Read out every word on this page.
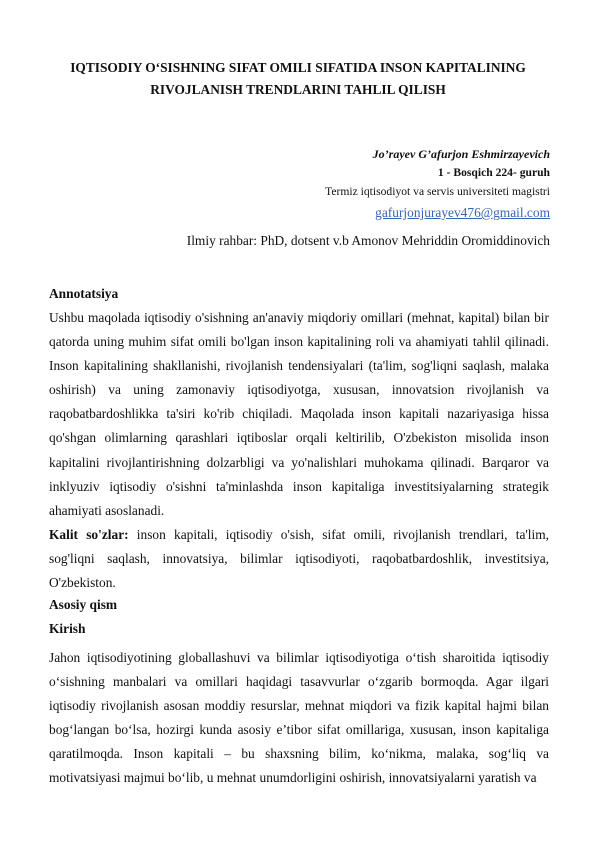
IQTISODIY O‘SISHNING SIFAT OMILI SIFATIDA INSON KAPITALINING
RIVOJLANISH TRENDLARINI TAHLIL QILISH
Jo’rayev G’afurjon Eshmirzayevich
1 - Bosqich 224- guruh
Termiz iqtisodiyot va servis universiteti magistri
gafurjonjurayev476@gmail.com
Ilmiy rahbar: PhD, dotsent v.b Amonov Mehriddin Oromiddinovich
Annotatsiya
Ushbu maqolada iqtisodiy o'sishning an'anaviy miqdoriy omillari (mehnat, kapital) bilan bir qatorda uning muhim sifat omili bo'lgan inson kapitalining roli va ahamiyati tahlil qilinadi. Inson kapitalining shakllanishi, rivojlanish tendensiyalari (ta'lim, sog'liqni saqlash, malaka oshirish) va uning zamonaviy iqtisodiyotga, xususan, innovatsion rivojlanish va raqobatbardoshlikka ta'siri ko'rib chiqiladi. Maqolada inson kapitali nazariyasiga hissa qo'shgan olimlarning qarashlari iqtiboslar orqali keltirilib, O'zbekiston misolida inson kapitalini rivojlantirishning dolzarbligi va yo'nalishlari muhokama qilinadi. Barqaror va inklyuziv iqtisodiy o'sishni ta'minlashda inson kapitaliga investitsiyalarning strategik ahamiyati asoslanadi.
Kalit so'zlar: inson kapitali, iqtisodiy o'sish, sifat omili, rivojlanish trendlari, ta'lim, sog'liqni saqlash, innovatsiya, bilimlar iqtisodiyoti, raqobatbardoshlik, investitsiya, O'zbekiston.
Asosiy qism
Kirish
Jahon iqtisodiyotining globallashuvi va bilimlar iqtisodiyotiga o‘tish sharoitida iqtisodiy o‘sishning manbalari va omillari haqidagi tasavvurlar o‘zgarib bormoqda. Agar ilgari iqtisodiy rivojlanish asosan moddiy resurslar, mehnat miqdori va fizik kapital hajmi bilan bog‘langan bo‘lsa, hozirgi kunda asosiy e’tibor sifat omillariga, xususan, inson kapitaliga qaratilmoqda. Inson kapitali – bu shaxsning bilim, ko‘nikma, malaka, sog‘liq va motivatsiyasi majmui bo‘lib, u mehnat unumdorligini oshirish, innovatsiyalarni yaratish va
